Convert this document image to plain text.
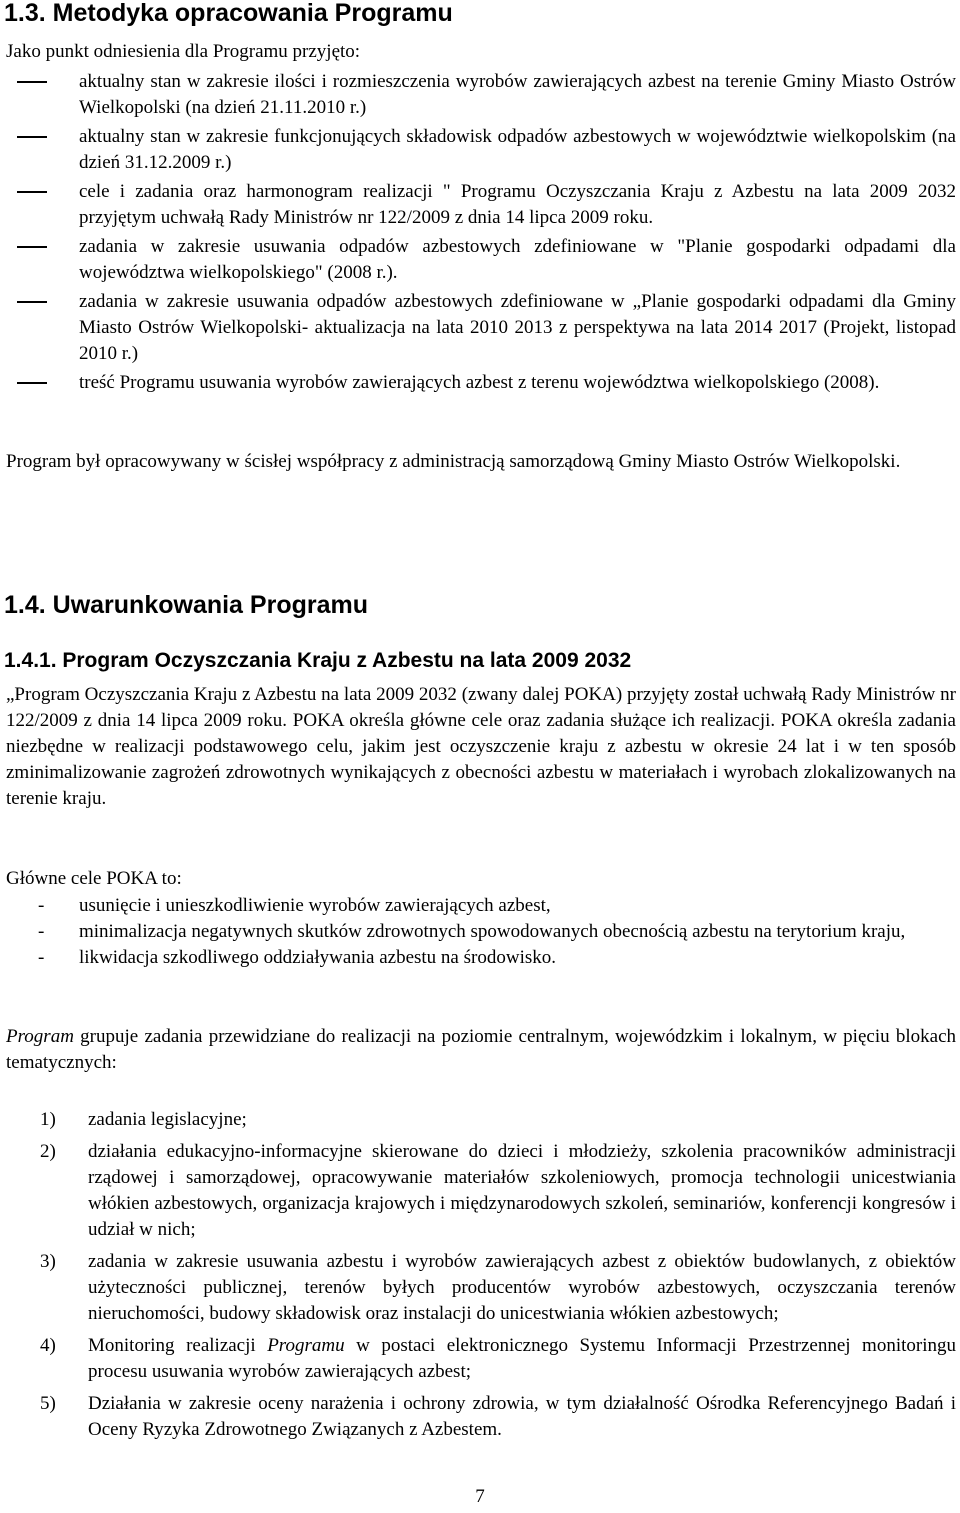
1.3. Metodyka opracowania Programu

Jako punkt odniesienia dla Programu przyjęto:

aktualny stan w zakresie ilości i rozmieszczenia wyrobów zawierających azbest na terenie Gminy Miasto Ostrów Wielkopolski (na dzień 21.11.2010 r.)
aktualny stan w zakresie funkcjonujących składowisk odpadów azbestowych w województwie wielkopolskim (na dzień 31.12.2009 r.)
cele i zadania oraz harmonogram realizacji " Programu Oczyszczania Kraju z Azbestu na lata 2009 2032 przyjętym uchwałą Rady Ministrów nr 122/2009 z dnia 14 lipca 2009 roku.
zadania w zakresie usuwania odpadów azbestowych zdefiniowane w "Planie gospodarki odpadami dla województwa wielkopolskiego" (2008 r.).
zadania w zakresie usuwania odpadów azbestowych zdefiniowane w „Planie gospodarki odpadami dla Gminy Miasto Ostrów Wielkopolski- aktualizacja na lata 2010 2013 z perspektywa na lata 2014 2017 (Projekt, listopad 2010 r.)
treść Programu usuwania wyrobów zawierających azbest z terenu województwa wielkopolskiego (2008).

Program był opracowywany w ścisłej współpracy z administracją samorządową Gminy Miasto Ostrów Wielkopolski.

1.4. Uwarunkowania Programu
1.4.1. Program Oczyszczania Kraju z Azbestu na lata 2009 2032

„Program Oczyszczania Kraju z Azbestu na lata 2009 2032 (zwany dalej POKA) przyjęty został uchwałą Rady Ministrów nr 122/2009 z dnia 14 lipca 2009 roku. POKA określa główne cele oraz zadania służące ich realizacji. POKA określa zadania niezbędne w realizacji podstawowego celu, jakim jest oczyszczenie kraju z azbestu w okresie 24 lat i w ten sposób zminimalizowanie zagrożeń zdrowotnych wynikających z obecności azbestu w materiałach i wyrobach zlokalizowanych na terenie kraju.

Główne cele POKA to:

- usunięcie i unieszkodliwienie wyrobów zawierających azbest,
- minimalizacja negatywnych skutków zdrowotnych spowodowanych obecnością azbestu na terytorium kraju,
- likwidacja szkodliwego oddziaływania azbestu na środowisko.

Program grupuje zadania przewidziane do realizacji na poziomie centralnym, wojewódzkim i lokalnym, w pięciu blokach tematycznych:

1) zadania legislacyjne;
2) działania edukacyjno-informacyjne skierowane do dzieci i młodzieży, szkolenia pracowników administracji rządowej i samorządowej, opracowywanie materiałów szkoleniowych, promocja technologii unicestwiania włókien azbestowych, organizacja krajowych i międzynarodowych szkoleń, seminariów, konferencji kongresów i udział w nich;
3) zadania w zakresie usuwania azbestu i wyrobów zawierających azbest z obiektów budowlanych, z obiektów użyteczności publicznej, terenów byłych producentów wyrobów azbestowych, oczyszczania terenów nieruchomości, budowy składowisk oraz instalacji do unicestwiania włókien azbestowych;
4) Monitoring realizacji Programu w postaci elektronicznego Systemu Informacji Przestrzennej monitoringu procesu usuwania wyrobów zawierających azbest;
5) Działania w zakresie oceny narażenia i ochrony zdrowia, w tym działalność Ośrodka Referencyjnego Badań i Oceny Ryzyka Zdrowotnego Związanych z Azbestem.

7
